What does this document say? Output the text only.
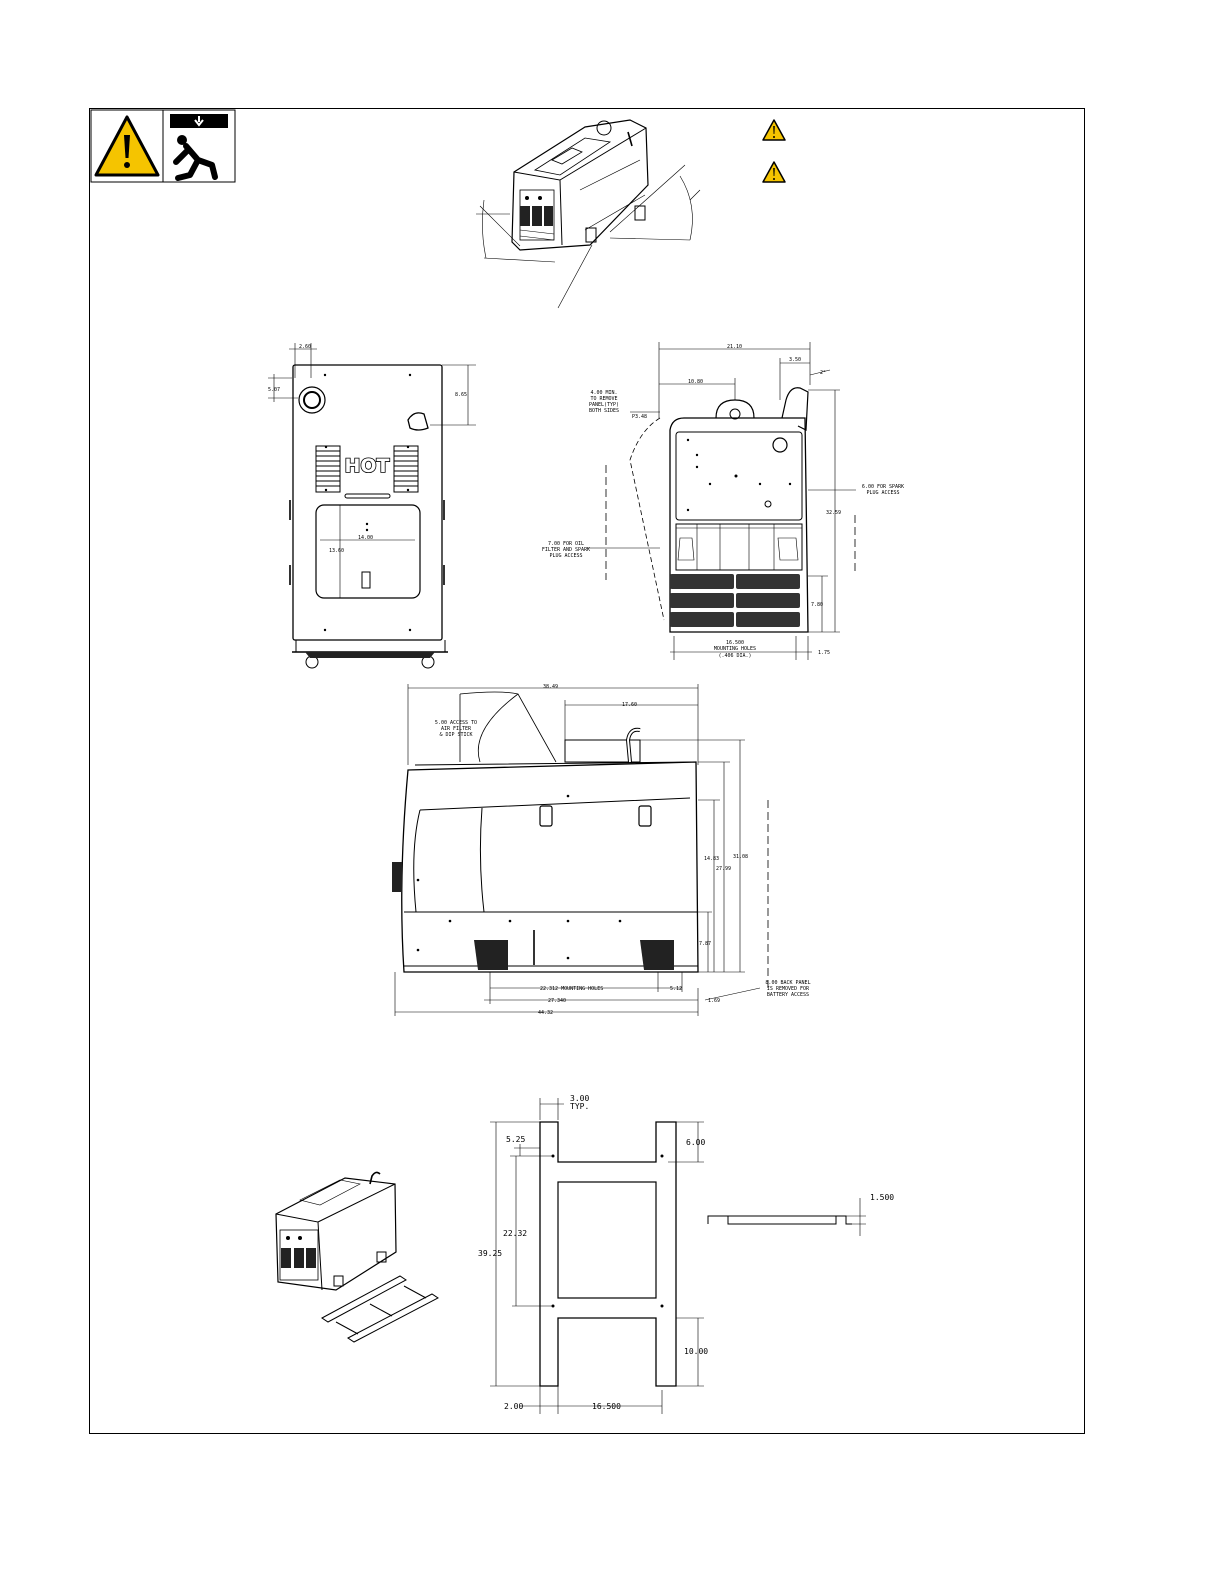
HOT
2.60
5.07
8.65
14.00
13.60
21.10
10.80
3.50
2°
P3.48
4.00 MIN.
TO REMOVE
PANEL(TYP)
BOTH SIDES
7.00 FOR OIL
FILTER AND SPARK
PLUG ACCESS
6.00 FOR SPARK
PLUG ACCESS
32.59
7.80
16.500
MOUNTING HOLES
(.406 DIA.)	1.75
38.49
17.60
5.00 ACCESS TO
AIR FILTER
& DIP STICK
14.83
27.99
31.08
7.87
22.312 MOUNTING HOLES	5.12
27.340	1.69
8.00 BACK PANEL
IS REMOVED FOR
BATTERY ACCESS
44.32
3.00
TYP.
5.25	6.00
22.32
39.25
10.00
2.00	16.500
1.500
